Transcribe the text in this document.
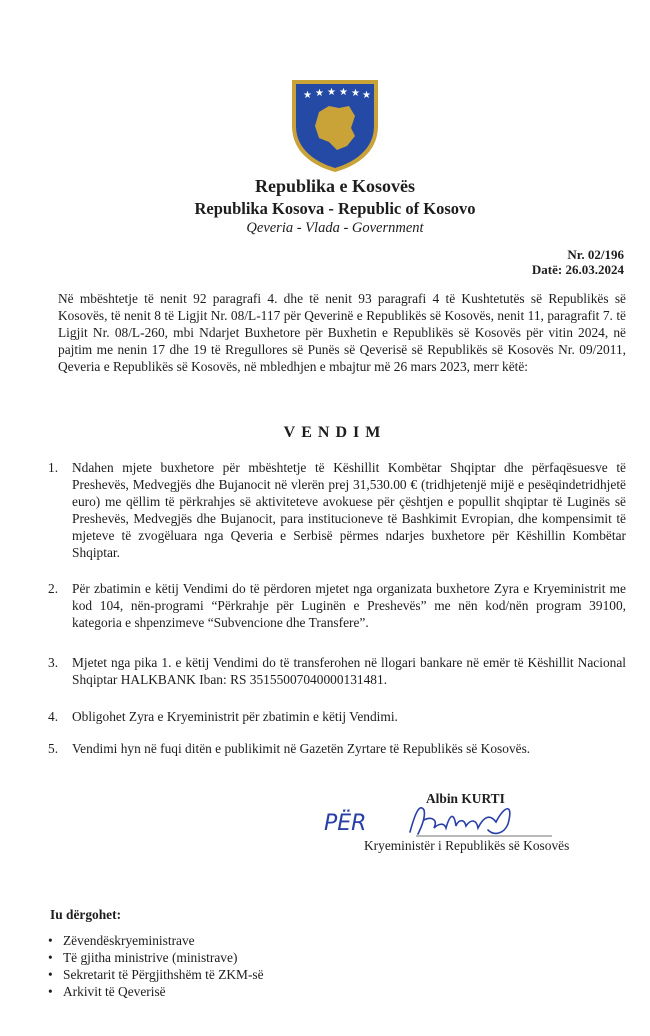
★ ★ ★ ★ ★ ★
Republika e Kosovës
Republika Kosova - Republic of Kosovo
Qeveria - Vlada - Government
Nr. 02/196
Datë: 26.03.2024

Në mbështetje të nenit 92 paragrafi 4. dhe të nenit 93 paragrafi 4 të Kushtetutës së Republikës së Kosovës, të nenit 8 të Ligjit Nr. 08/L-117 për Qeverinë e Republikës së Kosovës, nenit 11, paragrafit 7. të Ligjit Nr. 08/L-260, mbi Ndarjet Buxhetore për Buxhetin e Republikës së Kosovës për vitin 2024, në pajtim me nenin 17 dhe 19 të Rregullores së Punës së Qeverisë së Republikës së Kosovës Nr. 09/2011, Qeveria e Republikës së Kosovës, në mbledhjen e mbajtur më 26 mars 2023, merr këtë:

VENDIM
1.	Ndahen mjete buxhetore për mbështetje të Këshillit Kombëtar Shqiptar dhe përfaqësuesve të Preshevës, Medvegjës dhe Bujanocit në vlerën prej 31,530.00 € (tridhjetenjë mijë e pesëqindetridhjetë euro) me qëllim të përkrahjes së aktiviteteve avokuese për çështjen e popullit shqiptar të Luginës së Preshevës, Medvegjës dhe Bujanocit, para institucioneve të Bashkimit Evropian, dhe kompensimit të mjeteve të zvogëluara nga Qeveria e Serbisë përmes ndarjes buxhetore për Këshillin Kombëtar Shqiptar.
2.	Për zbatimin e këtij Vendimi do të përdoren mjetet nga organizata buxhetore Zyra e Kryeministrit me kod 104, nën-programi “Përkrahje për Luginën e Preshevës” me nën kod/nën program 39100, kategoria e shpenzimeve “Subvencione dhe Transfere”.
3.	Mjetet nga pika 1. e këtij Vendimi do të transferohen në llogari bankare në emër të Këshillit Nacional Shqiptar HALKBANK Iban: RS 35155007040000131481.
4.	Obligohet Zyra e Kryeministrit për zbatimin e këtij Vendimi.
5.	Vendimi hyn në fuqi ditën e publikimit në Gazetën Zyrtare të Republikës së Kosovës.
Albin KURTI
PËR
Kryeministër i Republikës së Kosovës
Iu dërgohet:
• Zëvendëskryeministrave
• Të gjitha ministrive (ministrave)
• Sekretarit të Përgjithshëm të ZKM-së
• Arkivit të Qeverisë
